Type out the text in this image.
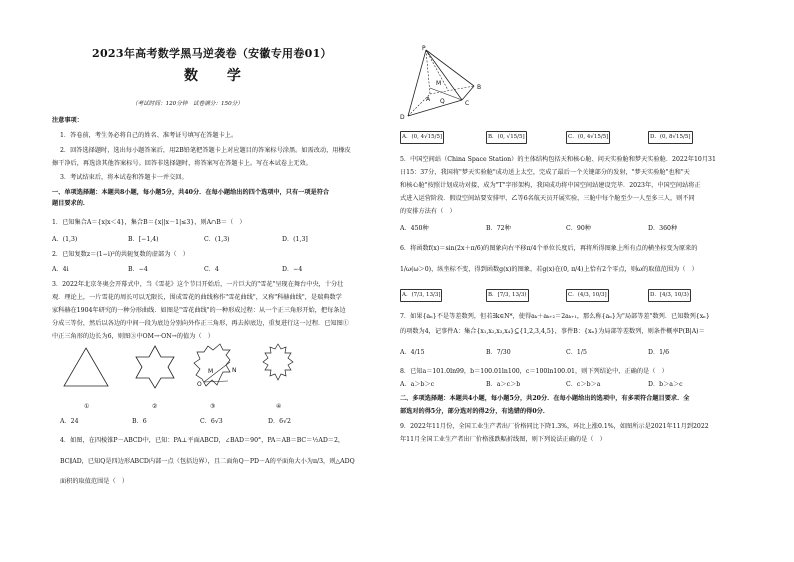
2023年高考数学黑马逆袭卷（安徽专用卷01）
数 学
（考试时间：120分钟　试卷满分：150分）
注意事项：
1．答卷前，考生务必将自己的姓名、准考证号填写在答题卡上。
2．回答选择题时，选出每小题答案后，用2B铅笔把答题卡上对应题目的答案标号涂黑。如需改动，用橡皮
擦干净后，再选涂其他答案标号。回答非选择题时，将答案写在答题卡上。写在本试卷上无效。
3．考试结束后，将本试卷和答题卡一并交回。
一、单项选择题：本题共8小题，每小题5分，共40分．在每小题给出的四个选项中，只有一项是符合
题目要求的．
1．已知集合A＝{x|x＜4}，集合B＝{x||x－1|≤3}，则A∩B＝（　）
A．(1,3)	B．[−1,4)	C．(1,3)	D．(1,3]
2．已知复数z＝(1−i)²的共轭复数的虚部为（　）
A．4i	B．−4	C．4	D．−4
3．2022年北京冬奥会开幕式中，当《雪花》这个节目开始后，一片巨大的"雪花"呈现在舞台中央，十分壮
观．理论上，一片雪花的周长可以无限长，围成雪花的曲线称作"雪花曲线"，又称"科赫曲线"，是瑞典数学
家科赫在1904年研究的一种分形曲线．如图是"雪花曲线"的一种形成过程：从一个正三角形开始，把每条边
分成三等份，然后以各边的中间一段为底边分别向外作正三角形，再去掉底边，重复进行这一过程．已知图①
中正三角形的边长为6，则图③中OM→·ON→的值为（　）
M	N
O
①	②	③	④
A．24	B．6	C．6√3	D．6√2
4．如图，在四棱锥P－ABCD中，已知：PA⊥平面ABCD，∠BAD＝90°，PA＝AB＝BC＝½AD＝2，
BC∥AD，已知Q是四边形ABCD内部一点（包括边界），且二面角Q－PD－A的平面角大小为π/3，则△ADQ
面积的取值范围是（　）
P
A
B
C
D
M
Q
A．(0, 4√15/5]	B．(0, √15/5]	C．(0, 4√15/5]	D．(0, 8√15/5]
5．中国空间站（China Space Station）的主体结构包括天和核心舱、问天实验舱和梦天实验舱．2022年10月31
日15：37分，我国将"梦天实验舱"成功送上太空，完成了最后一个关键部分的发射，"梦天实验舱"也和"天
和核心舱"按照计划成功对接，成为"T"字形架构，我国成功将中国空间站建设完毕．2023年，中国空间站将正
式进入运营阶段．假设空间站要安排甲、乙等6名航天员开展实验，三舱中每个舱至少一人至多三人，则不同
的安排方法有（　）
A．450种	B．72种	C．90种	D．360种
6．将函数f(x)＝sin(2x＋π/6)的图象向右平移π/4个单位长度后，再将所得图象上所有点的横坐标变为原来的
1/ω(ω＞0)，纵坐标不变，得到函数g(x)的图象，若g(x)在(0, π/4)上恰有2个零点，则ω的取值范围为（　）
A．(7/3, 13/3]	B．[7/3, 13/3)	C．(4/3, 10/3]	D．[4/3, 10/3)
7．如果{aₙ}不是等差数列，但若∃k∈N*，使得aₖ＋aₖ₊₂＝2aₖ₊₁，那么称{aₙ}为"局部等差"数列．已知数列{xₙ}
的项数为4，记事件A：集合{x₁,x₂,x₃,x₄}⊆{1,2,3,4,5}，事件B：{xₙ}为局部等差数列，则条件概率P(B|A)＝
A．4/15	B．7/30	C．1/5	D．1/6
8．已知a＝101.0ln99，b＝100.01ln100，c＝100ln100.01，则下列结论中，正确的是（　）
A．a＞b＞c	B．a＞c＞b	C．c＞b＞a	D．b＞a＞c
二、多项选择题：本题共4小题，每小题5分，共20分．在每小题给出的选项中，有多项符合题目要求．全
部选对的得5分，部分选对的得2分，有选错的得0分．
9．2022年11月份，全国工业生产者出厂价格同比下降1.3%，环比上涨0.1%，如图所示是2021年11月到2022
年11月全国工业生产者出厂价格涨跌幅折线图，则下列说法正确的是（　）
